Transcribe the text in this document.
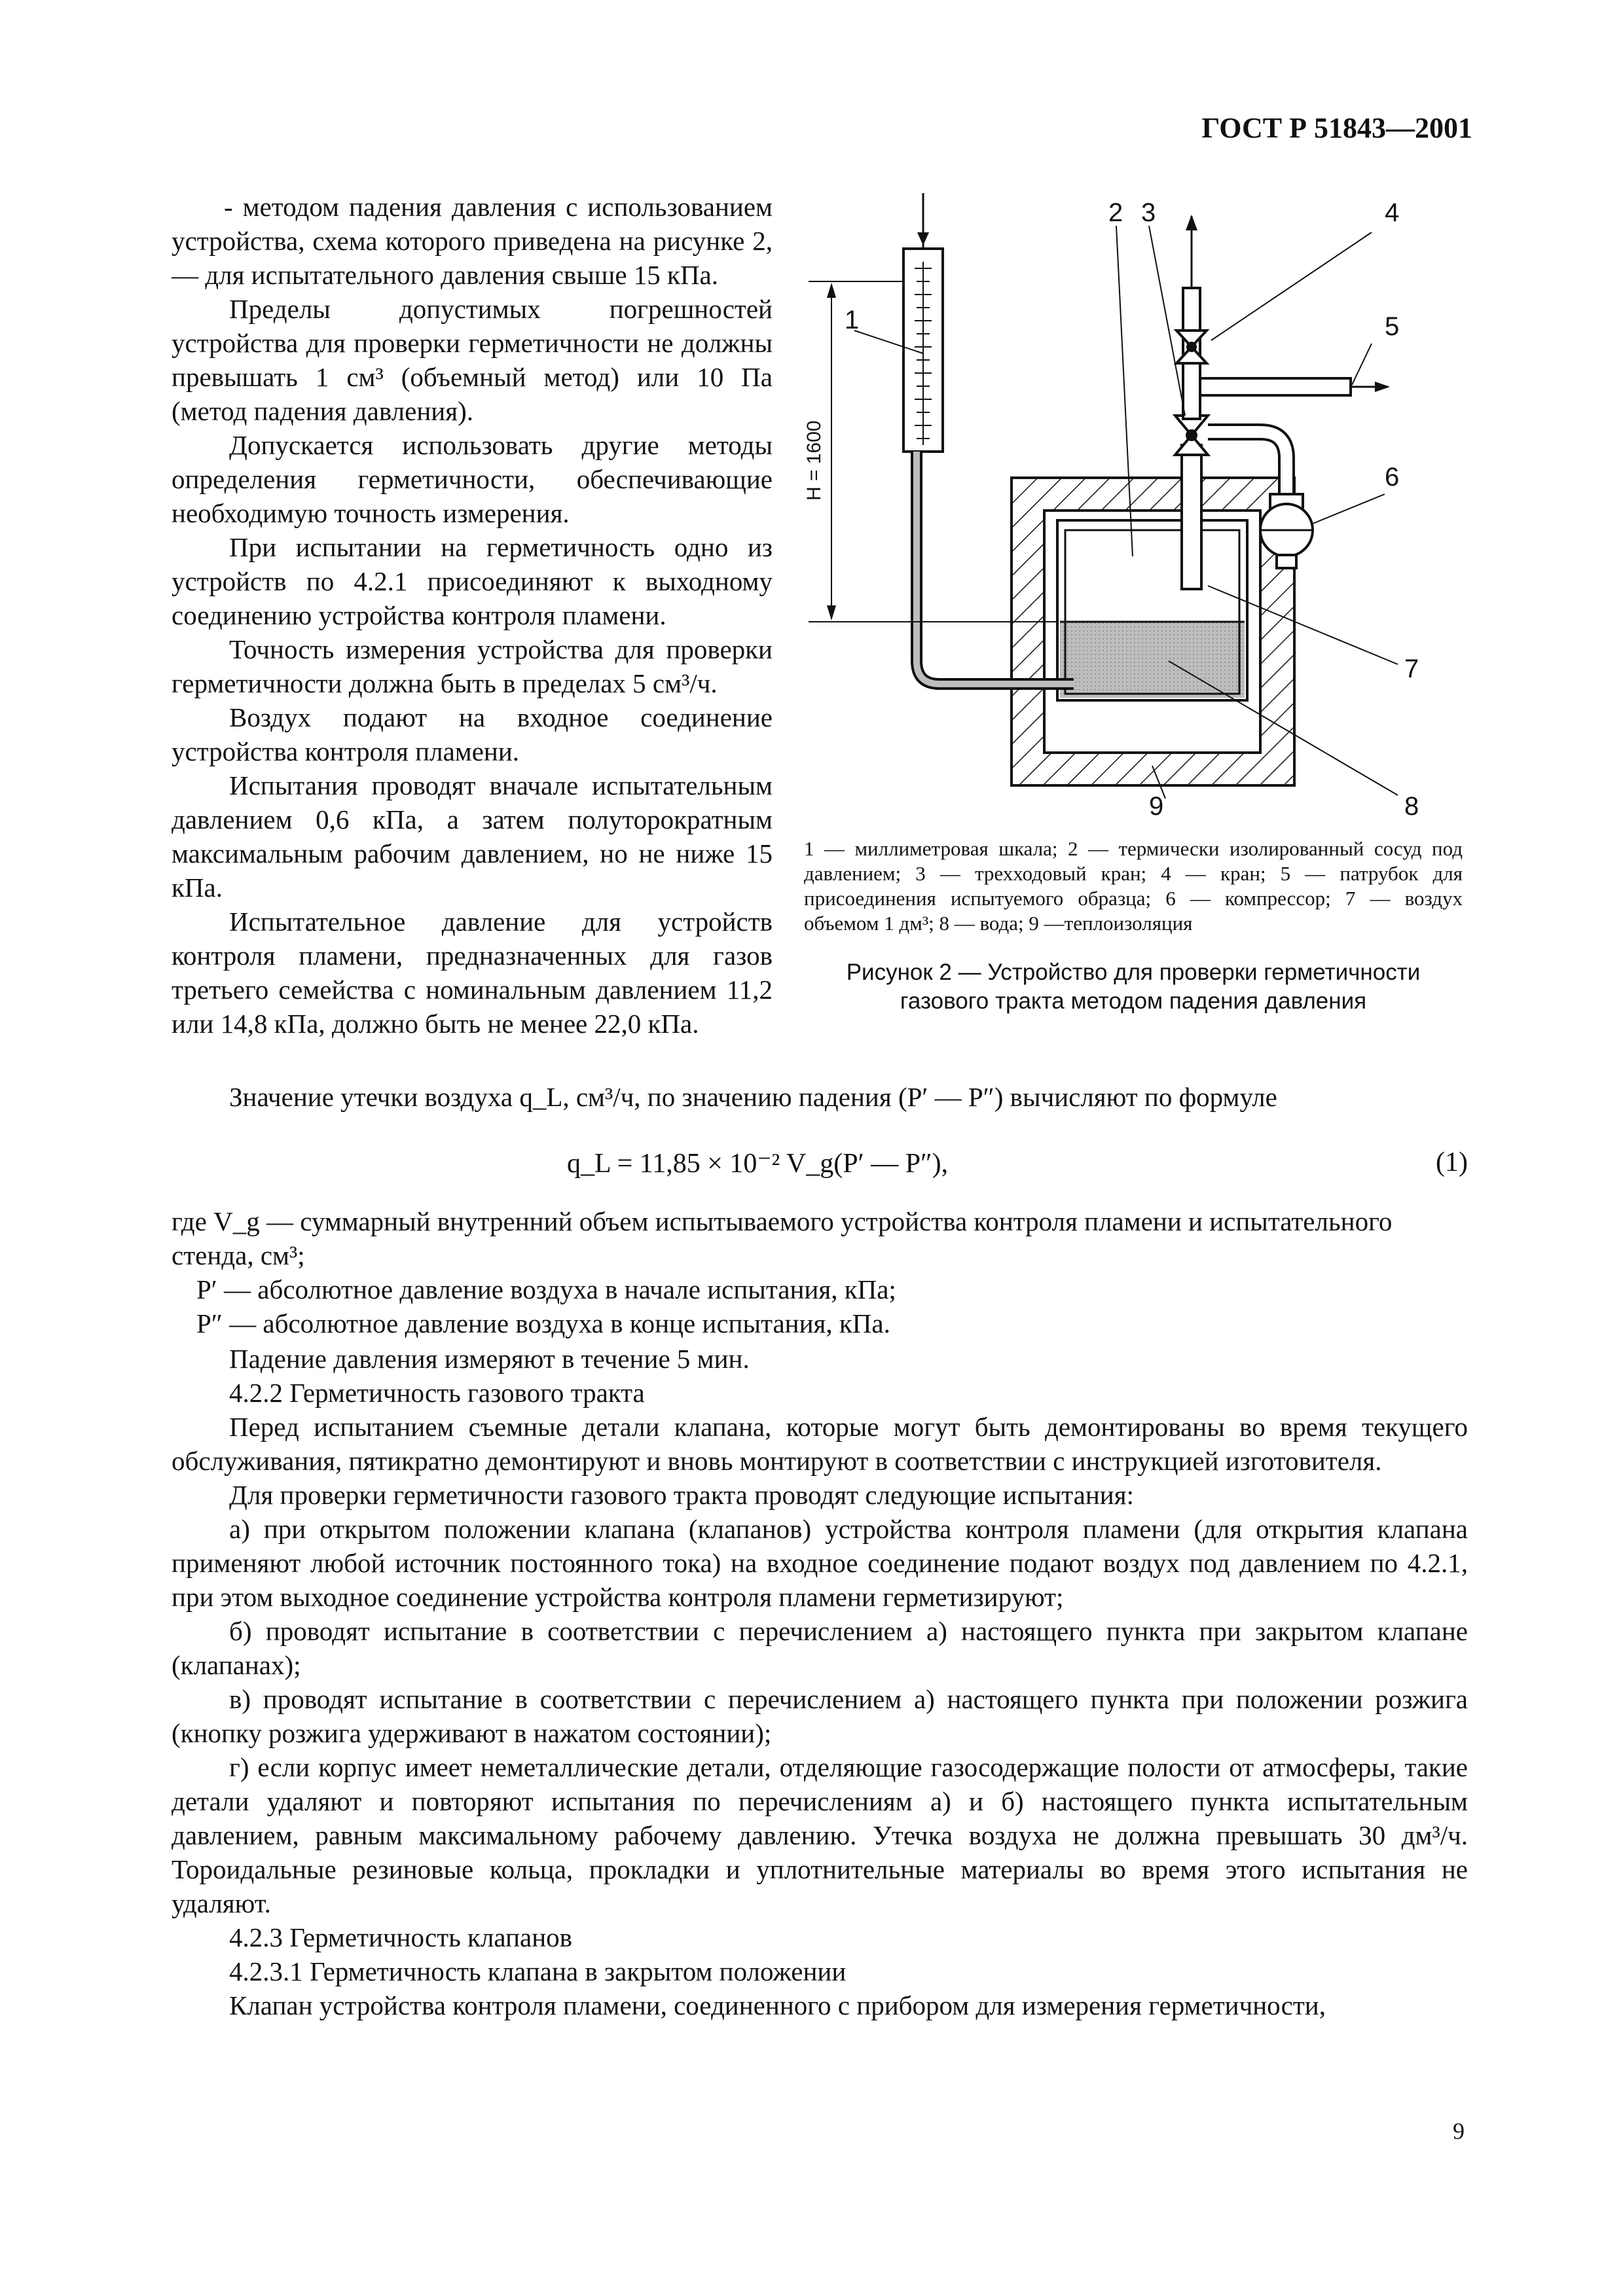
ГОСТ Р 51843—2001

- методом падения давления с использованием устройства, схема которого приведена на рисунке 2, — для испытательного давления свыше 15 кПа.

Пределы допустимых погрешностей устройства для проверки герметичности не должны превышать 1 см³ (объемный метод) или 10 Па (метод падения давления).

Допускается использовать другие методы определения герметичности, обеспечивающие необходимую точность измерения.

При испытании на герметичность одно из устройств по 4.2.1 присоединяют к выходному соединению устройства контроля пламени.

Точность измерения устройства для проверки герметичности должна быть в пределах 5 см³/ч.

Воздух подают на входное соединение устройства контроля пламени.

Испытания проводят вначале испытательным давлением 0,6 кПа, а затем полуторократным максимальным рабочим давлением, но не ниже 15 кПа.

Испытательное давление для устройств контроля пламени, предназначенных для газов третьего семейства с номинальным давлением 11,2 или 14,8 кПа, должно быть не менее 22,0 кПа.

H = 1600
1
2 3	4
5
6
7
8
9
1 — миллиметровая шкала; 2 — термически изолированный сосуд под давлением; 3 — трехходовый кран; 4 — кран; 5 — патрубок для присоединения испытуемого образца; 6 — компрессор; 7 — воздух объемом 1 дм³; 8 — вода; 9 —теплоизоляция
Рисунок 2 — Устройство для проверки герметичности
газового тракта методом падения давления

Значение утечки воздуха q_L, см³/ч, по значению падения (P′ — P″) вычисляют по формуле

q_L = 11,85 × 10⁻² V_g(P′ — P″),	(1)
где V_g — суммарный внутренний объем испытываемого устройства контроля пламени и испытательного стенда, см³;
P′ — абсолютное давление воздуха в начале испытания, кПа;
P″ — абсолютное давление воздуха в конце испытания, кПа.

Падение давления измеряют в течение 5 мин.

4.2.2 Герметичность газового тракта

Перед испытанием съемные детали клапана, которые могут быть демонтированы во время текущего обслуживания, пятикратно демонтируют и вновь монтируют в соответствии с инструкцией изготовителя.

Для проверки герметичности газового тракта проводят следующие испытания:

а) при открытом положении клапана (клапанов) устройства контроля пламени (для открытия клапана применяют любой источник постоянного тока) на входное соединение подают воздух под давлением по 4.2.1, при этом выходное соединение устройства контроля пламени герметизируют;

б) проводят испытание в соответствии с перечислением а) настоящего пункта при закрытом клапане (клапанах);

в) проводят испытание в соответствии с перечислением а) настоящего пункта при положении розжига (кнопку розжига удерживают в нажатом состоянии);

г) если корпус имеет неметаллические детали, отделяющие газосодержащие полости от атмосферы, такие детали удаляют и повторяют испытания по перечислениям а) и б) настоящего пункта испытательным давлением, равным максимальному рабочему давлению. Утечка воздуха не должна превышать 30 дм³/ч. Тороидальные резиновые кольца, прокладки и уплотнительные материалы во время этого испытания не удаляют.

4.2.3 Герметичность клапанов

4.2.3.1 Герметичность клапана в закрытом положении

Клапан устройства контроля пламени, соединенного с прибором для измерения герметичности,

9
